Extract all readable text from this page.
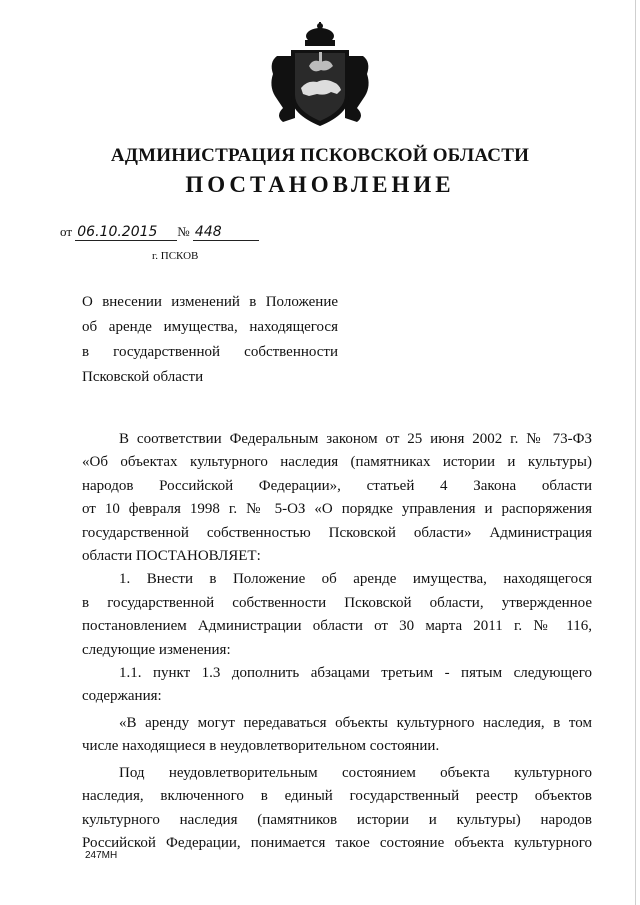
АДМИНИСТРАЦИЯ ПСКОВСКОЙ ОБЛАСТИ
ПОСТАНОВЛЕНИЕ
от 06.10.2015 № 448
г. ПСКОВ
О внесении изменений в Положение
об аренде имущества, находящегося
в государственной собственности
Псковской области
В соответствии Федеральным законом от 25 июня 2002 г. № 73-ФЗ
«Об объектах культурного наследия (памятниках истории и культуры)
народов Российской Федерации», статьей 4 Закона области
от 10 февраля 1998 г. № 5-ОЗ «О порядке управления и распоряжения
государственной собственностью Псковской области» Администрация
области ПОСТАНОВЛЯЕТ:
1. Внести в Положение об аренде имущества, находящегося
в государственной собственности Псковской области, утвержденное
постановлением Администрации области от 30 марта 2011 г. № 116,
следующие изменения:
1.1. пункт 1.3 дополнить абзацами третьим - пятым следующего
содержания:
«В аренду могут передаваться объекты культурного наследия, в том
числе находящиеся в неудовлетворительном состоянии.
Под неудовлетворительным состоянием объекта культурного
наследия, включенного в единый государственный реестр объектов
культурного наследия (памятников истории и культуры) народов
Российской Федерации, понимается такое состояние объекта культурного
247МН
